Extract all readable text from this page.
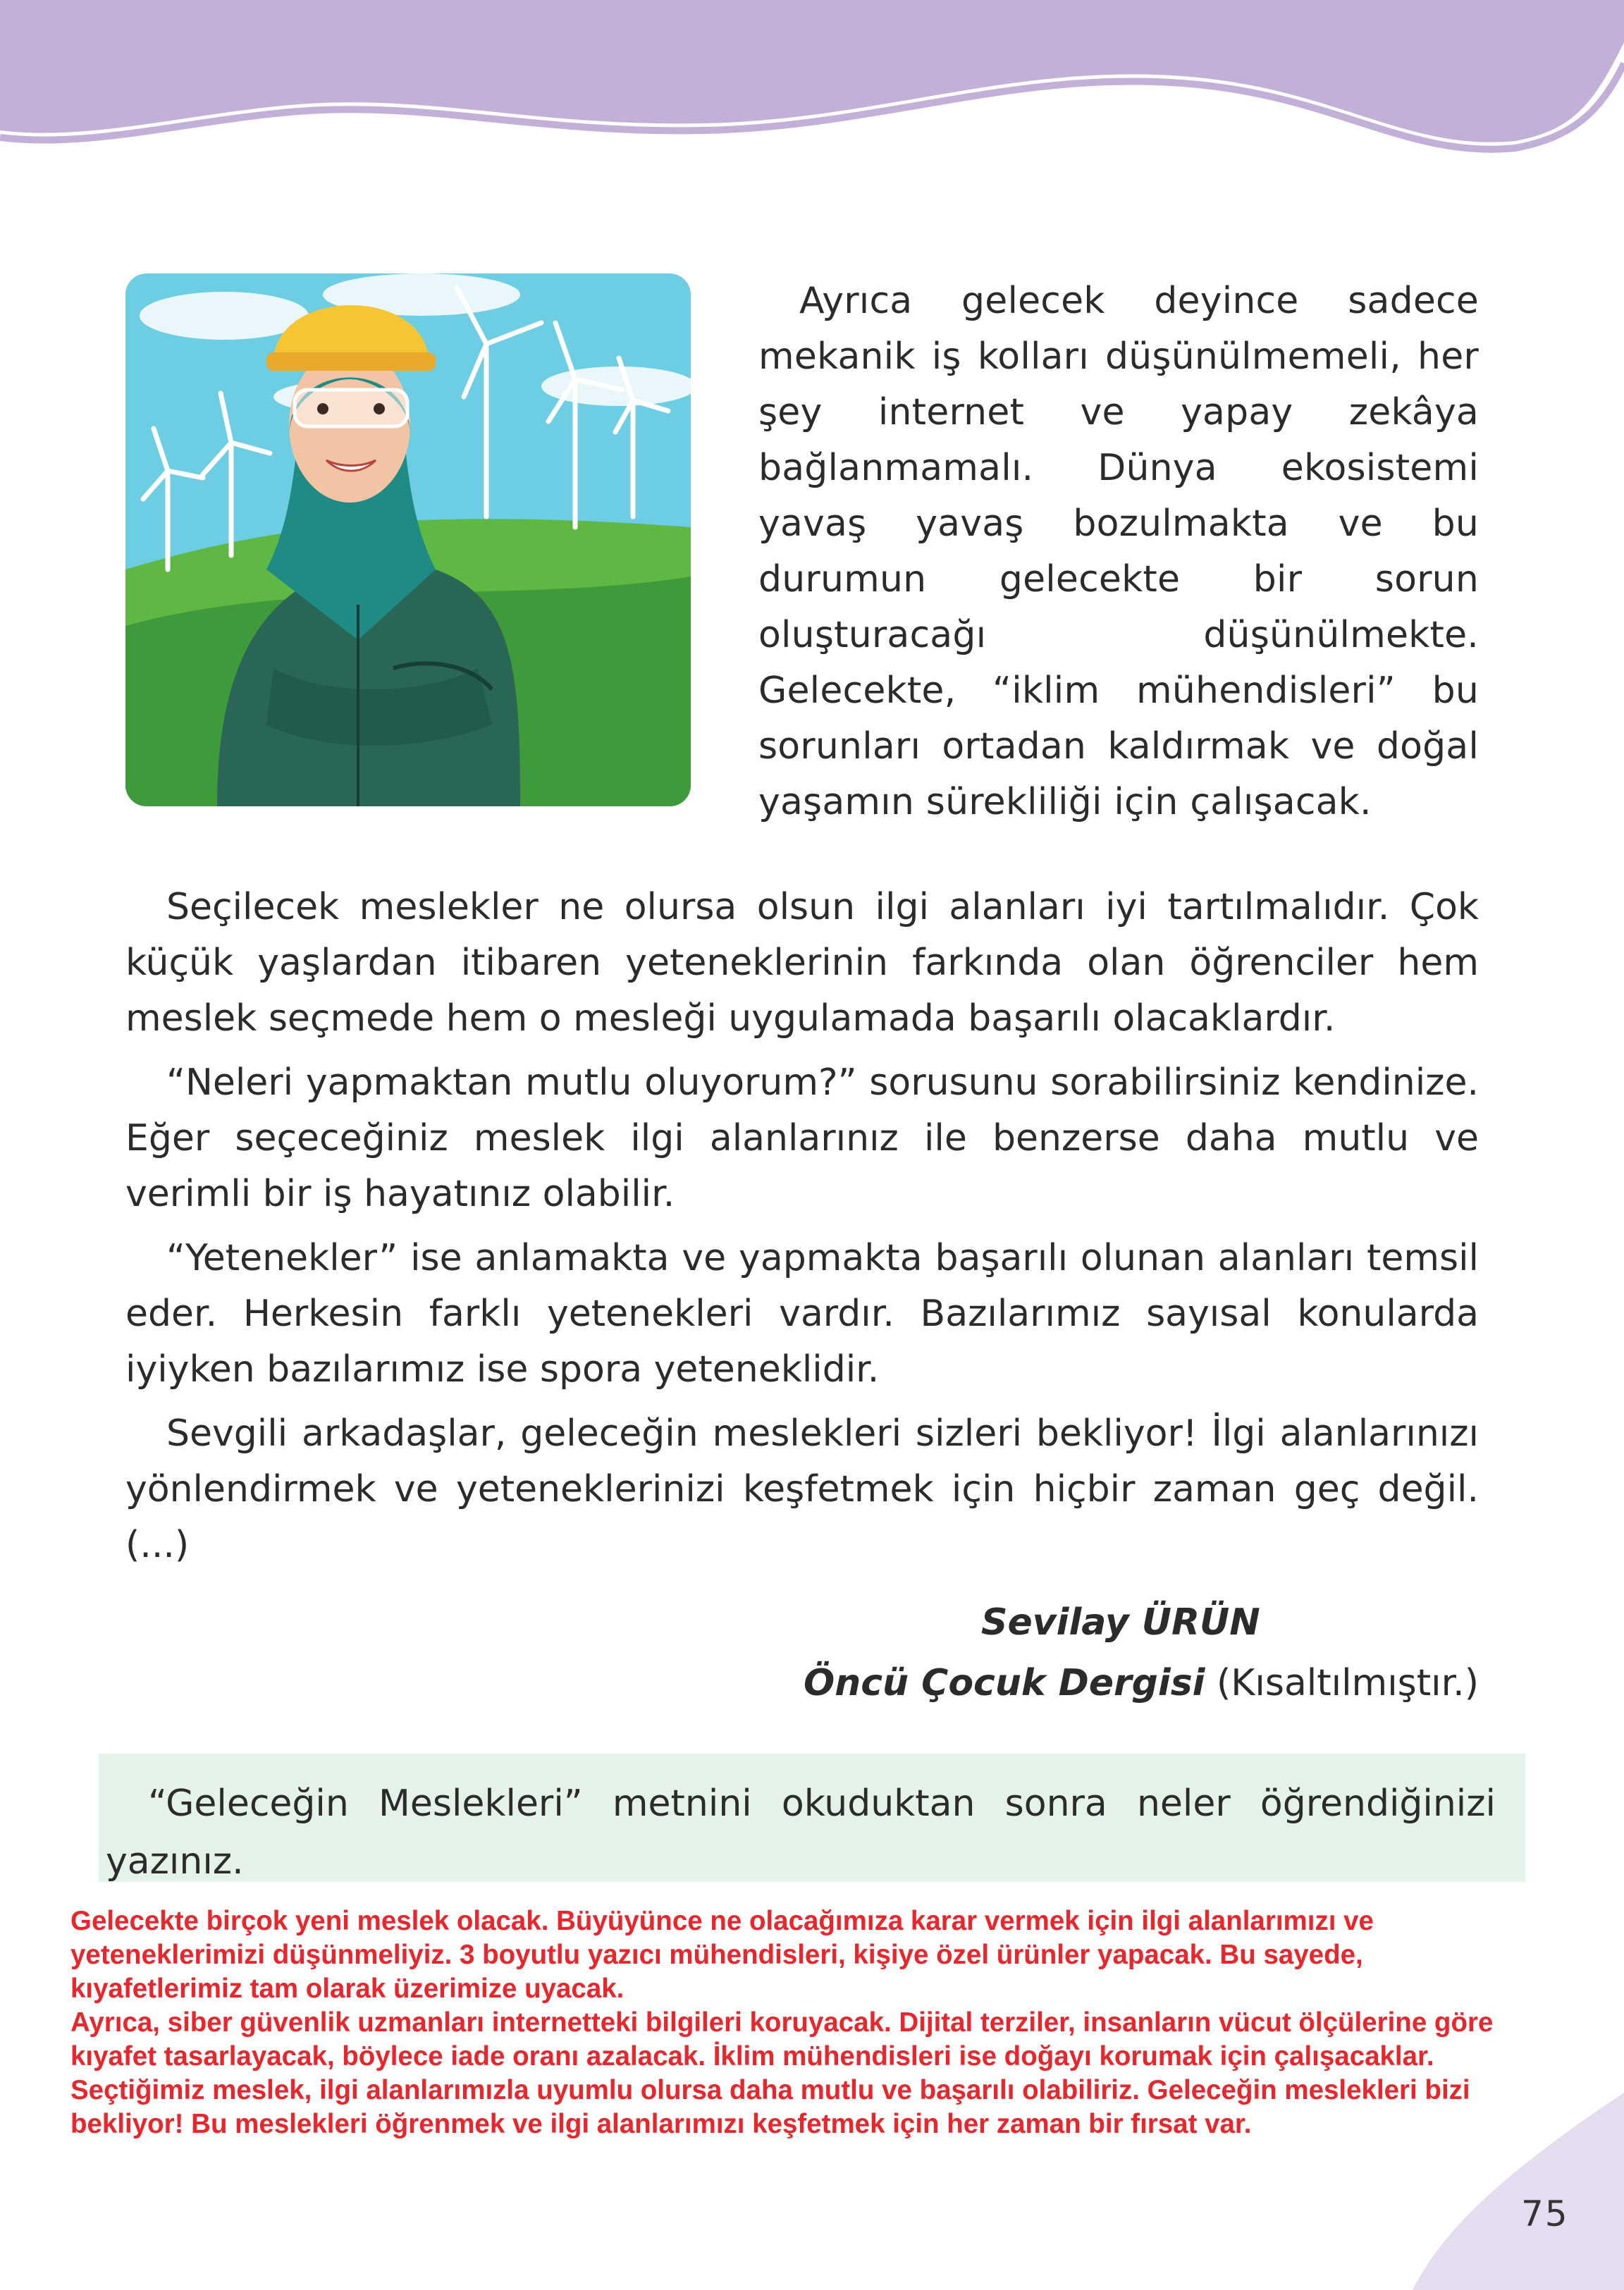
Ayrıca gelecek deyince sadece mekanik iş kolları düşünülmemeli, her şey internet ve yapay zekâya bağlanmamalı. Dünya ekosistemi yavaş yavaş bozulmakta ve bu durumun gelecekte bir sorun oluşturacağı düşünülmekte. Gelecekte, “iklim mühendisleri” bu sorunları ortadan kaldırmak ve doğal yaşamın sürekliliği için çalışacak.

Seçilecek meslekler ne olursa olsun ilgi alanları iyi tartılmalıdır. Çok küçük yaşlardan itibaren yeteneklerinin farkında olan öğrenciler hem meslek seçmede hem o mesleği uygulamada başarılı olacaklardır.

“Neleri yapmaktan mutlu oluyorum?” sorusunu sorabilirsiniz kendinize. Eğer seçeceğiniz meslek ilgi alanlarınız ile benzerse daha mutlu ve verimli bir iş hayatınız olabilir.

“Yetenekler” ise anlamakta ve yapmakta başarılı olunan alanları temsil eder. Herkesin farklı yetenekleri vardır. Bazılarımız sayısal konularda iyiyken bazılarımız ise spora yeteneklidir.

Sevgili arkadaşlar, geleceğin meslekleri sizleri bekliyor! İlgi alanlarınızı yönlendirmek ve yeteneklerinizi keşfetmek için hiçbir zaman geç değil. (...)

Sevilay ÜRÜN
Öncü Çocuk Dergisi (Kısaltılmıştır.)
“Geleceğin Meslekleri” metnini okuduktan sonra neler öğrendiğinizi yazınız.

Gelecekte birçok yeni meslek olacak. Büyüyünce ne olacağımıza karar vermek için ilgi alanlarımızı ve yeteneklerimizi düşünmeliyiz. 3 boyutlu yazıcı mühendisleri, kişiye özel ürünler yapacak. Bu sayede, kıyafetlerimiz tam olarak üzerimize uyacak.

Ayrıca, siber güvenlik uzmanları internetteki bilgileri koruyacak. Dijital terziler, insanların vücut ölçülerine göre kıyafet tasarlayacak, böylece iade oranı azalacak. İklim mühendisleri ise doğayı korumak için çalışacaklar.

Seçtiğimiz meslek, ilgi alanlarımızla uyumlu olursa daha mutlu ve başarılı olabiliriz. Geleceğin meslekleri bizi bekliyor! Bu meslekleri öğrenmek ve ilgi alanlarımızı keşfetmek için her zaman bir fırsat var.

75
